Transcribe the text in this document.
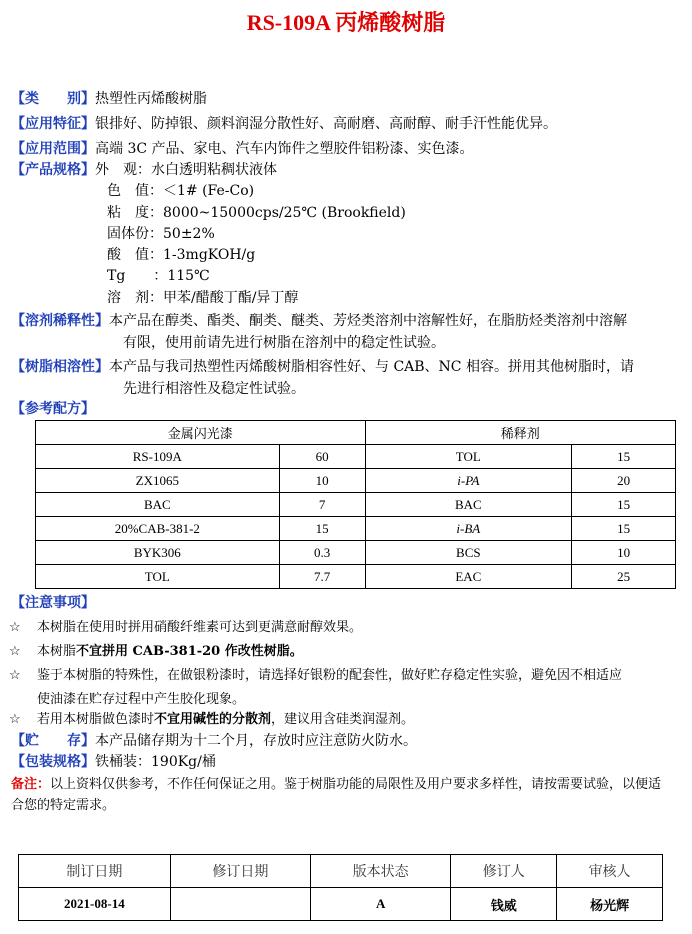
RS-109A 丙烯酸树脂
【类　　别】热塑性丙烯酸树脂
【应用特征】银排好、防掉银、颜料润湿分散性好、高耐磨、高耐醇、耐手汗性能优异。
【应用范围】高端 3C 产品、家电、汽车内饰件之塑胶件铝粉漆、实色漆。
【产品规格】外　观：水白透明粘稠状液体
色　值：＜1# (Fe-Co)
粘　度：8000~15000cps/25℃ (Brookfield)
固体份：50±2%
酸　值：1-3mgKOH/g
Tg　　：115℃
溶　剂：甲苯/醋酸丁酯/异丁醇
【溶剂稀释性】本产品在醇类、酯类、酮类、醚类、芳烃类溶剂中溶解性好，在脂肪烃类溶剂中溶解
有限，使用前请先进行树脂在溶剂中的稳定性试验。
【树脂相溶性】本产品与我司热塑性丙烯酸树脂相容性好、与 CAB、NC 相容。拼用其他树脂时，请
先进行相溶性及稳定性试验。
【参考配方】
金属闪光漆		稀释剂	
RS-109A	60	TOL	15
ZX1065	10	i-PA	20
BAC	7	BAC	15
20%CAB-381-2	15	i-BA	15
BYK306	0.3	BCS	10
TOL	7.7	EAC	25
【注意事项】
☆ 本树脂在使用时拼用硝酸纤维素可达到更满意耐醇效果。
☆ 本树脂不宜拼用 CAB-381-20 作改性树脂。
☆ 鉴于本树脂的特殊性，在做银粉漆时，请选择好银粉的配套性，做好贮存稳定性实验，避免因不相适应
使油漆在贮存过程中产生胶化现象。
☆ 若用本树脂做色漆时不宜用碱性的分散剂，建议用含硅类润湿剂。
【贮　　存】本产品储存期为十二个月，存放时应注意防火防水。
【包装规格】铁桶装：190Kg/桶
备注：以上资料仅供参考，不作任何保证之用。鉴于树脂功能的局限性及用户要求多样性，请按需要试验，以便适合您的特定需求。
制订日期	修订日期	版本状态	修订人	审核人
2021-08-14		A	钱威	杨光辉
